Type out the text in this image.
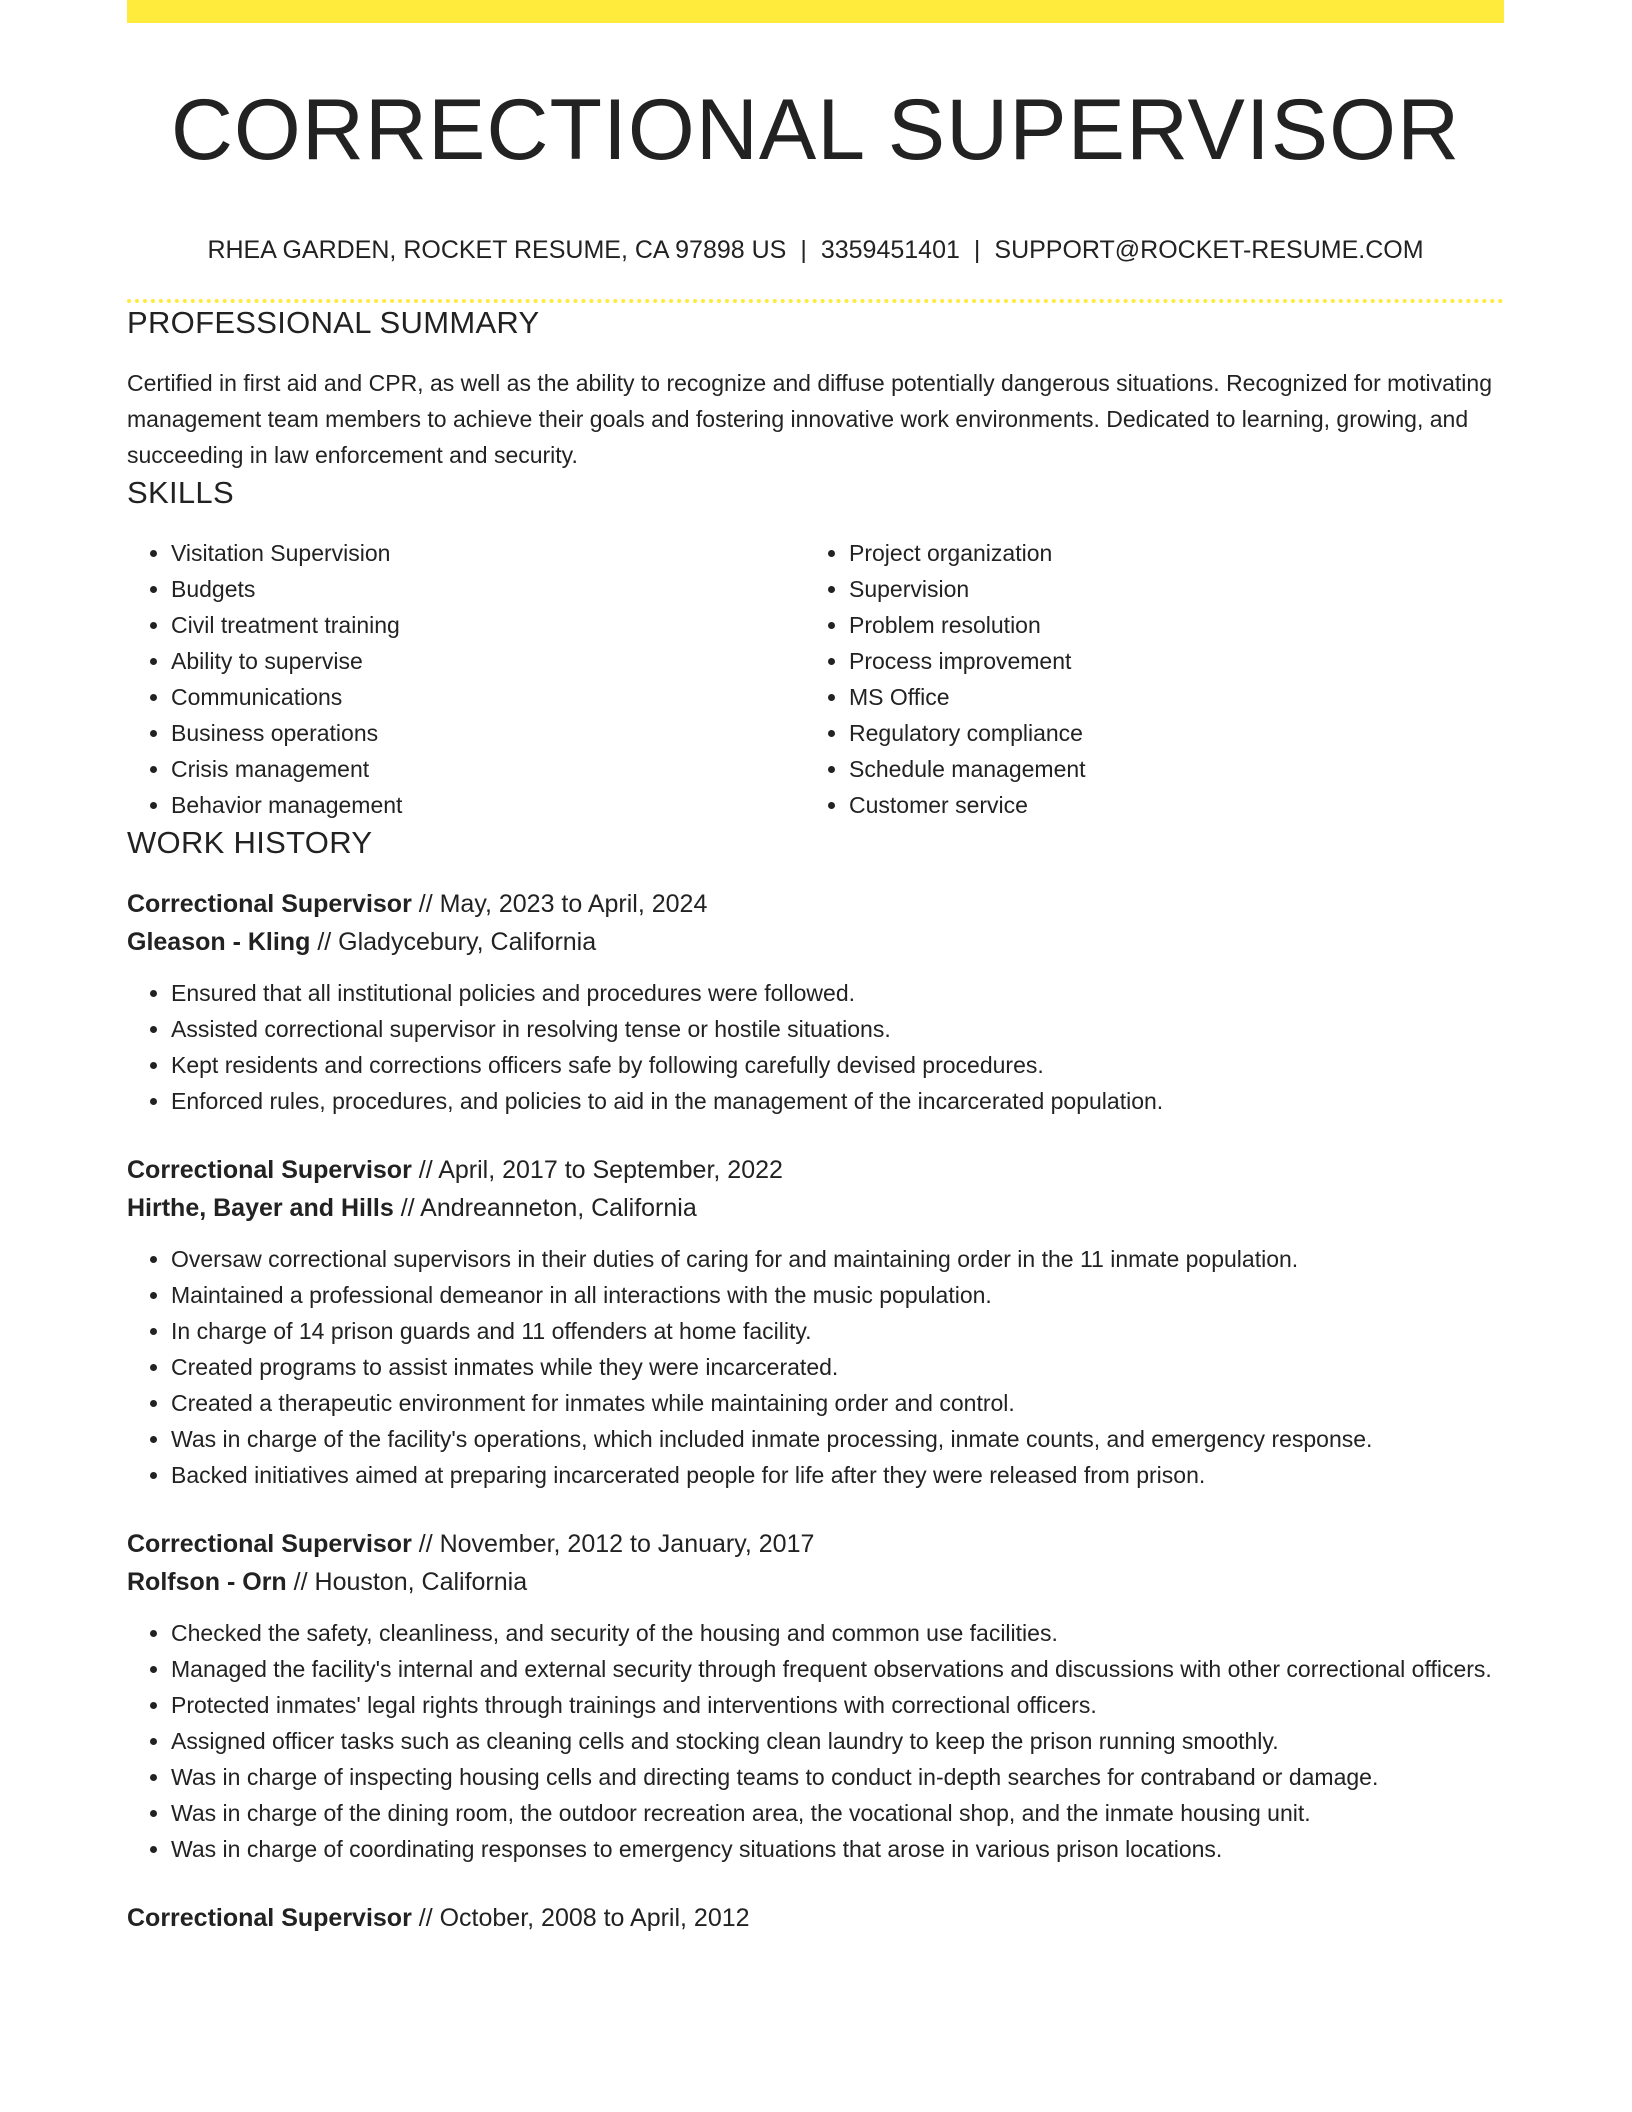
CORRECTIONAL SUPERVISOR
RHEA GARDEN, ROCKET RESUME, CA 97898 US | 3359451401 | SUPPORT@ROCKET-RESUME.COM
PROFESSIONAL SUMMARY
Certified in first aid and CPR, as well as the ability to recognize and diffuse potentially dangerous situations. Recognized for motivating management team members to achieve their goals and fostering innovative work environments. Dedicated to learning, growing, and succeeding in law enforcement and security.
SKILLS
• Visitation Supervision
• Budgets
• Civil treatment training
• Ability to supervise
• Communications
• Business operations
• Crisis management
• Behavior management
• Project organization
• Supervision
• Problem resolution
• Process improvement
• MS Office
• Regulatory compliance
• Schedule management
• Customer service
WORK HISTORY
Correctional Supervisor // May, 2023 to April, 2024
Gleason - Kling // Gladycebury, California
• Ensured that all institutional policies and procedures were followed.
• Assisted correctional supervisor in resolving tense or hostile situations.
• Kept residents and corrections officers safe by following carefully devised procedures.
• Enforced rules, procedures, and policies to aid in the management of the incarcerated population.
Correctional Supervisor // April, 2017 to September, 2022
Hirthe, Bayer and Hills // Andreanneton, California
• Oversaw correctional supervisors in their duties of caring for and maintaining order in the 11 inmate population.
• Maintained a professional demeanor in all interactions with the music population.
• In charge of 14 prison guards and 11 offenders at home facility.
• Created programs to assist inmates while they were incarcerated.
• Created a therapeutic environment for inmates while maintaining order and control.
• Was in charge of the facility's operations, which included inmate processing, inmate counts, and emergency response.
• Backed initiatives aimed at preparing incarcerated people for life after they were released from prison.
Correctional Supervisor // November, 2012 to January, 2017
Rolfson - Orn // Houston, California
• Checked the safety, cleanliness, and security of the housing and common use facilities.
• Managed the facility's internal and external security through frequent observations and discussions with other correctional officers.
• Protected inmates' legal rights through trainings and interventions with correctional officers.
• Assigned officer tasks such as cleaning cells and stocking clean laundry to keep the prison running smoothly.
• Was in charge of inspecting housing cells and directing teams to conduct in-depth searches for contraband or damage.
• Was in charge of the dining room, the outdoor recreation area, the vocational shop, and the inmate housing unit.
• Was in charge of coordinating responses to emergency situations that arose in various prison locations.
Correctional Supervisor // October, 2008 to April, 2012
